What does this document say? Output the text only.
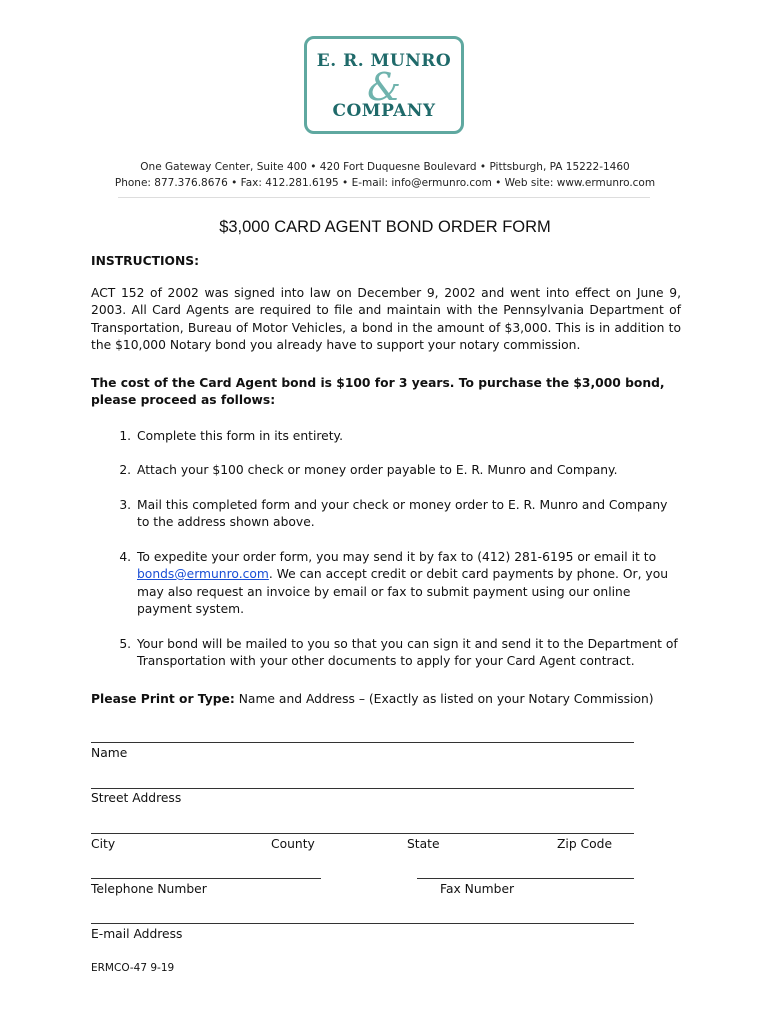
E. R. MUNRO
&
COMPANY
One Gateway Center, Suite 400 • 420 Fort Duquesne Boulevard • Pittsburgh, PA 15222-1460
Phone: 877.376.8676 • Fax: 412.281.6195 • E-mail: info@ermunro.com • Web site: www.ermunro.com
$3,000 CARD AGENT BOND ORDER FORM
INSTRUCTIONS:

ACT 152 of 2002 was signed into law on December 9, 2002 and went into effect on June 9, 2003. All Card Agents are required to file and maintain with the Pennsylvania Department of Transportation, Bureau of Motor Vehicles, a bond in the amount of $3,000. This is in addition to the $10,000 Notary bond you already have to support your notary commission.

The cost of the Card Agent bond is $100 for 3 years. To purchase the $3,000 bond, please proceed as follows:

1. Complete this form in its entirety.
2. Attach your $100 check or money order payable to E. R. Munro and Company.
3. Mail this completed form and your check or money order to E. R. Munro and Company to the address shown above.
4. To expedite your order form, you may send it by fax to (412) 281-6195 or email it to bonds@ermunro.com. We can accept credit or debit card payments by phone. Or, you may also request an invoice by email or fax to submit payment using our online payment system.
5. Your bond will be mailed to you so that you can sign it and send it to the Department of Transportation with your other documents to apply for your Card Agent contract.
Please Print or Type: Name and Address – (Exactly as listed on your Notary Commission)
Name
Street Address
City	County	State	Zip Code
Telephone Number	Fax Number
E-mail Address
ERMCO-47 9-19
